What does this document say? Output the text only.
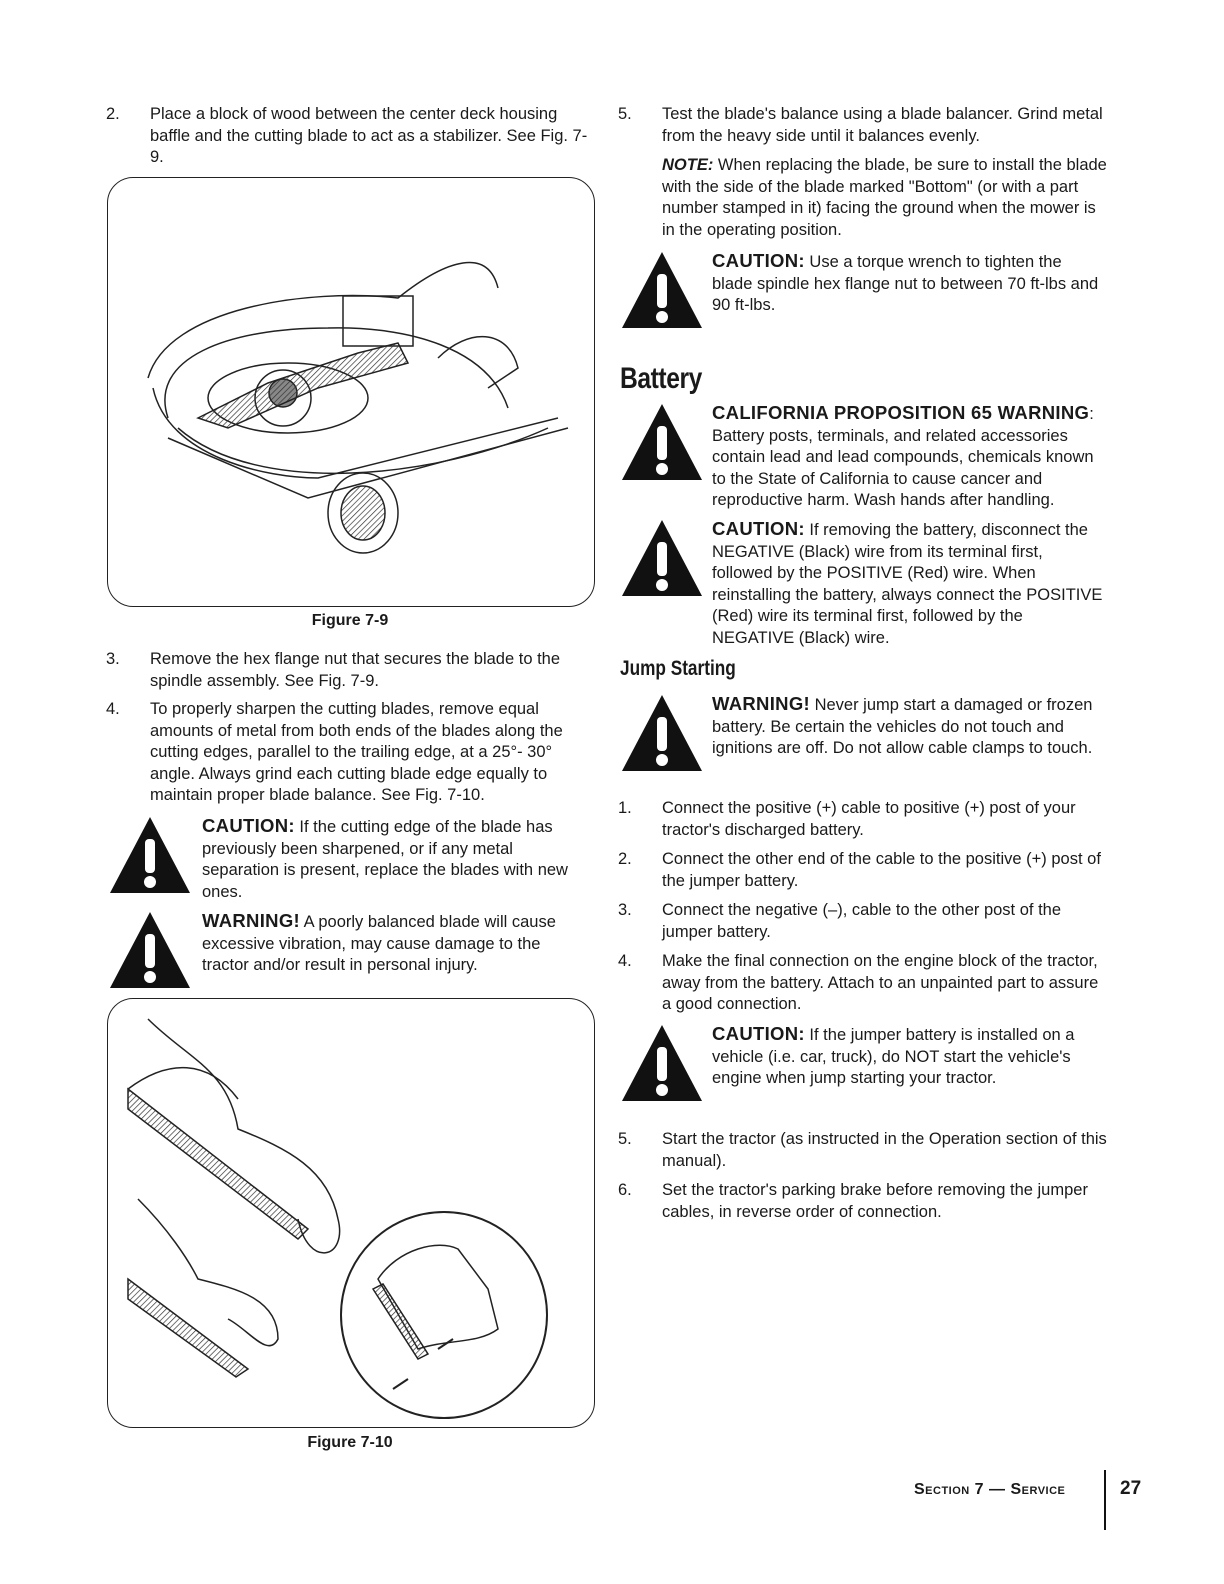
2. Place a block of wood between the center deck housing baffle and the cutting blade to act as a stabilizer. See Fig. 7-9.
Figure 7-9
3. Remove the hex flange nut that secures the blade to the spindle assembly. See Fig. 7-9.
4. To properly sharpen the cutting blades, remove equal amounts of metal from both ends of the blades along the cutting edges, parallel to the trailing edge, at a 25°- 30° angle. Always grind each cutting blade edge equally to maintain proper blade balance. See Fig. 7-10.
CAUTION: If the cutting edge of the blade has previously been sharpened, or if any metal separation is present, replace the blades with new ones.
WARNING! A poorly balanced blade will cause excessive vibration, may cause damage to the tractor and/or result in personal injury.
Figure 7-10
5. Test the blade's balance using a blade balancer. Grind metal from the heavy side until it balances evenly.
NOTE: When replacing the blade, be sure to install the blade with the side of the blade marked "Bottom" (or with a part number stamped in it) facing the ground when the mower is in the operating position.
CAUTION: Use a torque wrench to tighten the blade spindle hex flange nut to between 70 ft-lbs and 90 ft-lbs.
Battery
CALIFORNIA PROPOSITION 65 WARNING:
Battery posts, terminals, and related accessories contain lead and lead compounds, chemicals known to the State of California to cause cancer and reproductive harm. Wash hands after handling.
CAUTION: If removing the battery, disconnect the NEGATIVE (Black) wire from its terminal first, followed by the POSITIVE (Red) wire. When reinstalling the battery, always connect the POSITIVE (Red) wire its terminal first, followed by the NEGATIVE (Black) wire.
Jump Starting
WARNING! Never jump start a damaged or frozen battery. Be certain the vehicles do not touch and ignitions are off. Do not allow cable clamps to touch.
1. Connect the positive (+) cable to positive (+) post of your tractor's discharged battery.
2. Connect the other end of the cable to the positive (+) post of the jumper battery.
3. Connect the negative (–), cable to the other post of the jumper battery.
4. Make the final connection on the engine block of the tractor, away from the battery. Attach to an unpainted part to assure a good connection.
CAUTION: If the jumper battery is installed on a vehicle (i.e. car, truck), do NOT start the vehicle's engine when jump starting your tractor.
5. Start the tractor (as instructed in the Operation section of this manual).
6. Set the tractor's parking brake before removing the jumper cables, in reverse order of connection.
Section 7 — Service	27
